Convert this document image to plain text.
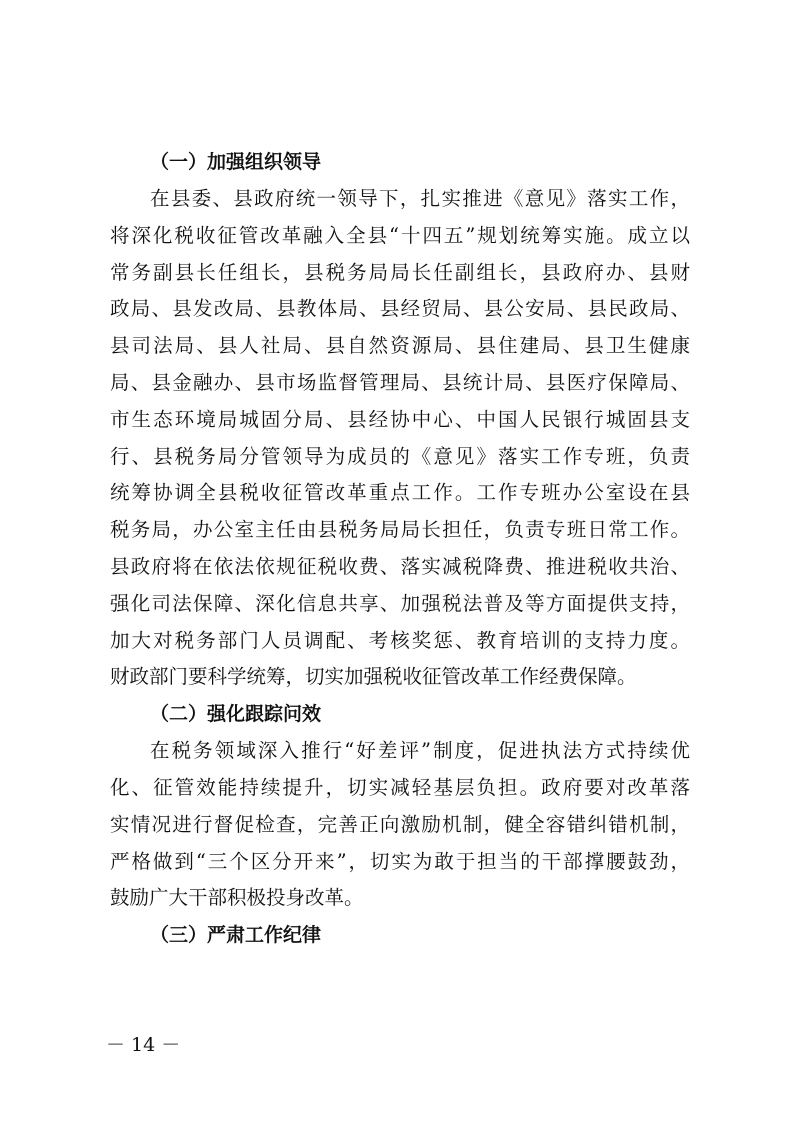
（一）加强组织领导

在县委、县政府统一领导下，扎实推进《意见》落实工作，
将深化税收征管改革融入全县“十四五”规划统筹实施。成立以
常务副县长任组长，县税务局局长任副组长，县政府办、县财
政局、县发改局、县教体局、县经贸局、县公安局、县民政局、
县司法局、县人社局、县自然资源局、县住建局、县卫生健康
局、县金融办、县市场监督管理局、县统计局、县医疗保障局、
市生态环境局城固分局、县经协中心、中国人民银行城固县支
行、县税务局分管领导为成员的《意见》落实工作专班，负责
统筹协调全县税收征管改革重点工作。工作专班办公室设在县
税务局，办公室主任由县税务局局长担任，负责专班日常工作。
县政府将在依法依规征税收费、落实减税降费、推进税收共治、
强化司法保障、深化信息共享、加强税法普及等方面提供支持，
加大对税务部门人员调配、考核奖惩、教育培训的支持力度。
财政部门要科学统筹，切实加强税收征管改革工作经费保障。

（二）强化跟踪问效

在税务领域深入推行“好差评”制度，促进执法方式持续优
化、征管效能持续提升，切实减轻基层负担。政府要对改革落
实情况进行督促检查，完善正向激励机制，健全容错纠错机制，
严格做到“三个区分开来”，切实为敢于担当的干部撑腰鼓劲，
鼓励广大干部积极投身改革。

（三）严肃工作纪律
－ 14 －
